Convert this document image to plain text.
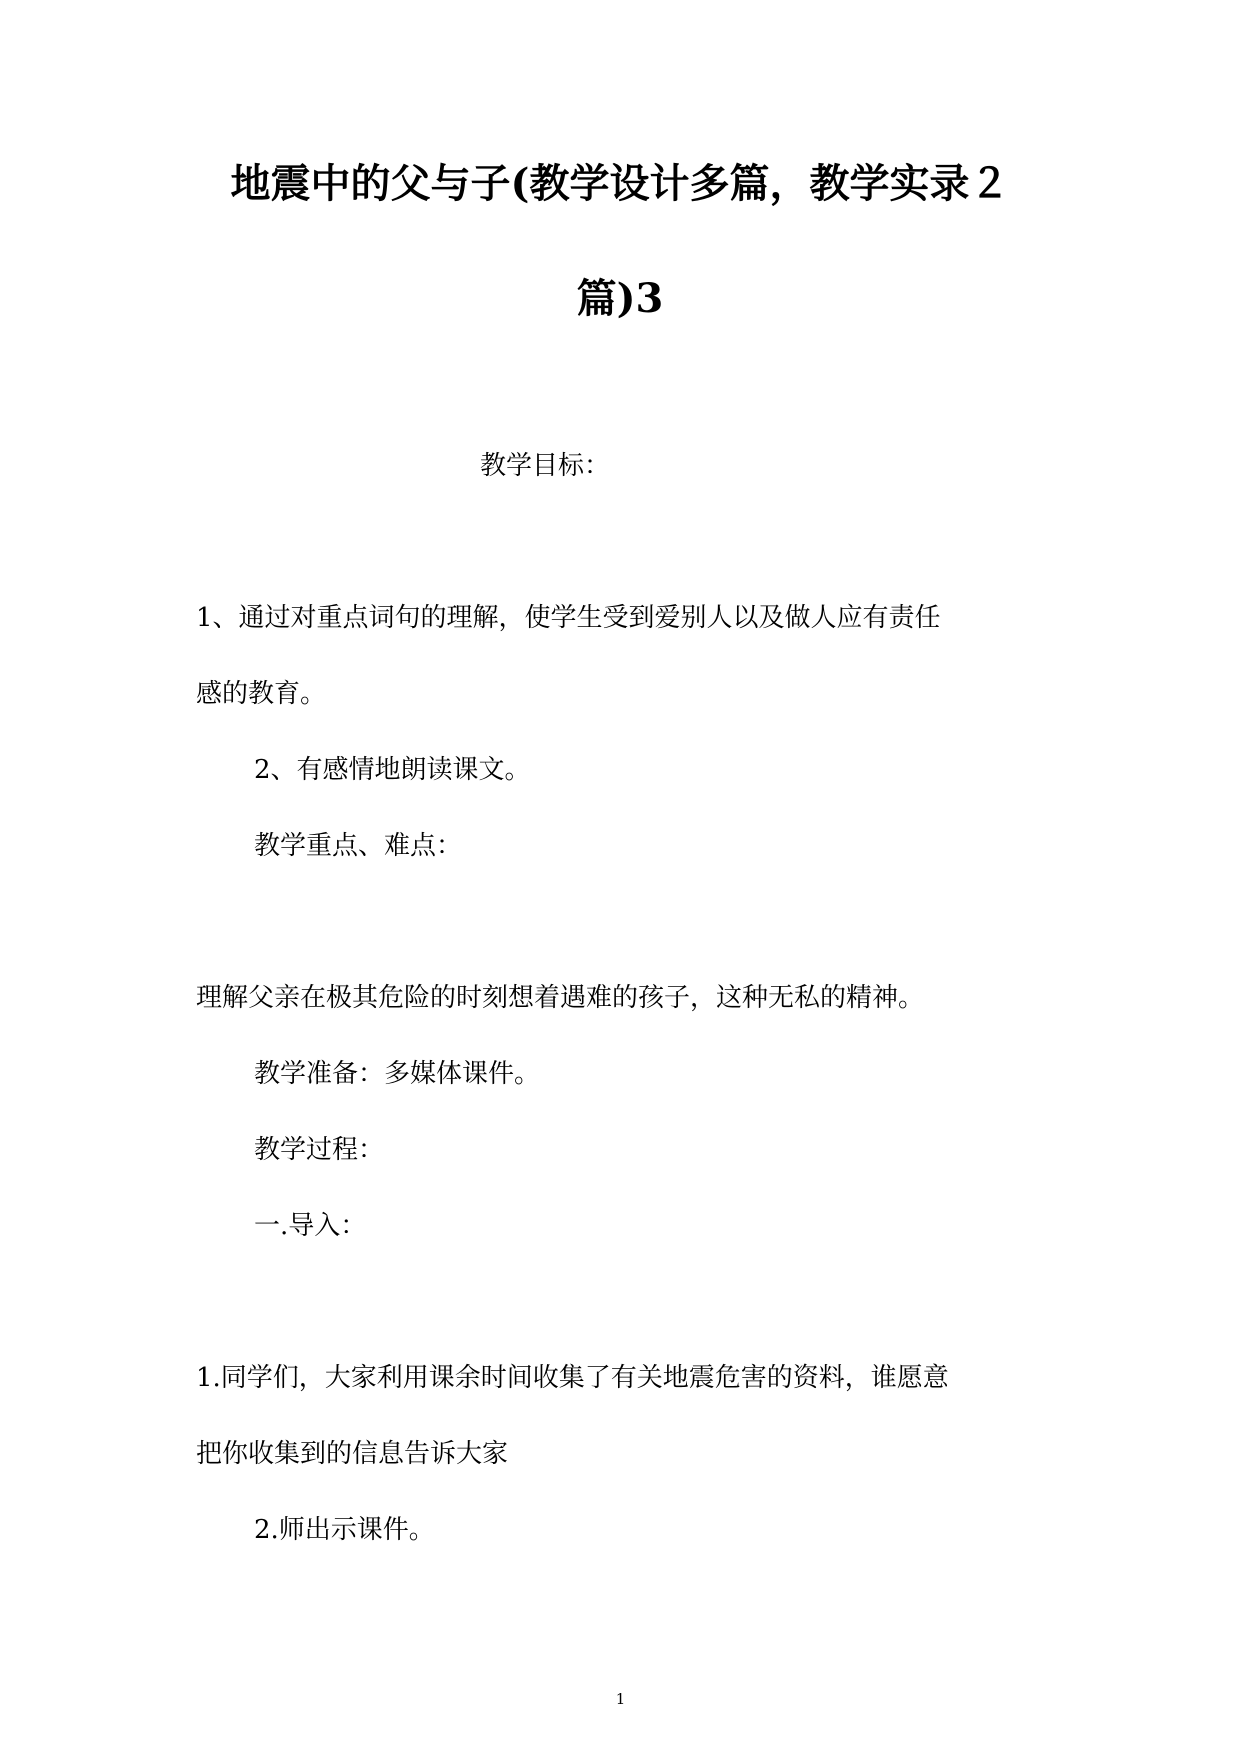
地震中的父与子(教学设计多篇，教学实录２
篇)3
教学目标：
1、通过对重点词句的理解，使学生受到爱别人以及做人应有责任
感的教育。
2、有感情地朗读课文。
教学重点、难点：
理解父亲在极其危险的时刻想着遇难的孩子，这种无私的精神。
教学准备：多媒体课件。
教学过程：
一.导入：
1.同学们，大家利用课余时间收集了有关地震危害的资料，谁愿意
把你收集到的信息告诉大家
2.师出示课件。
1
